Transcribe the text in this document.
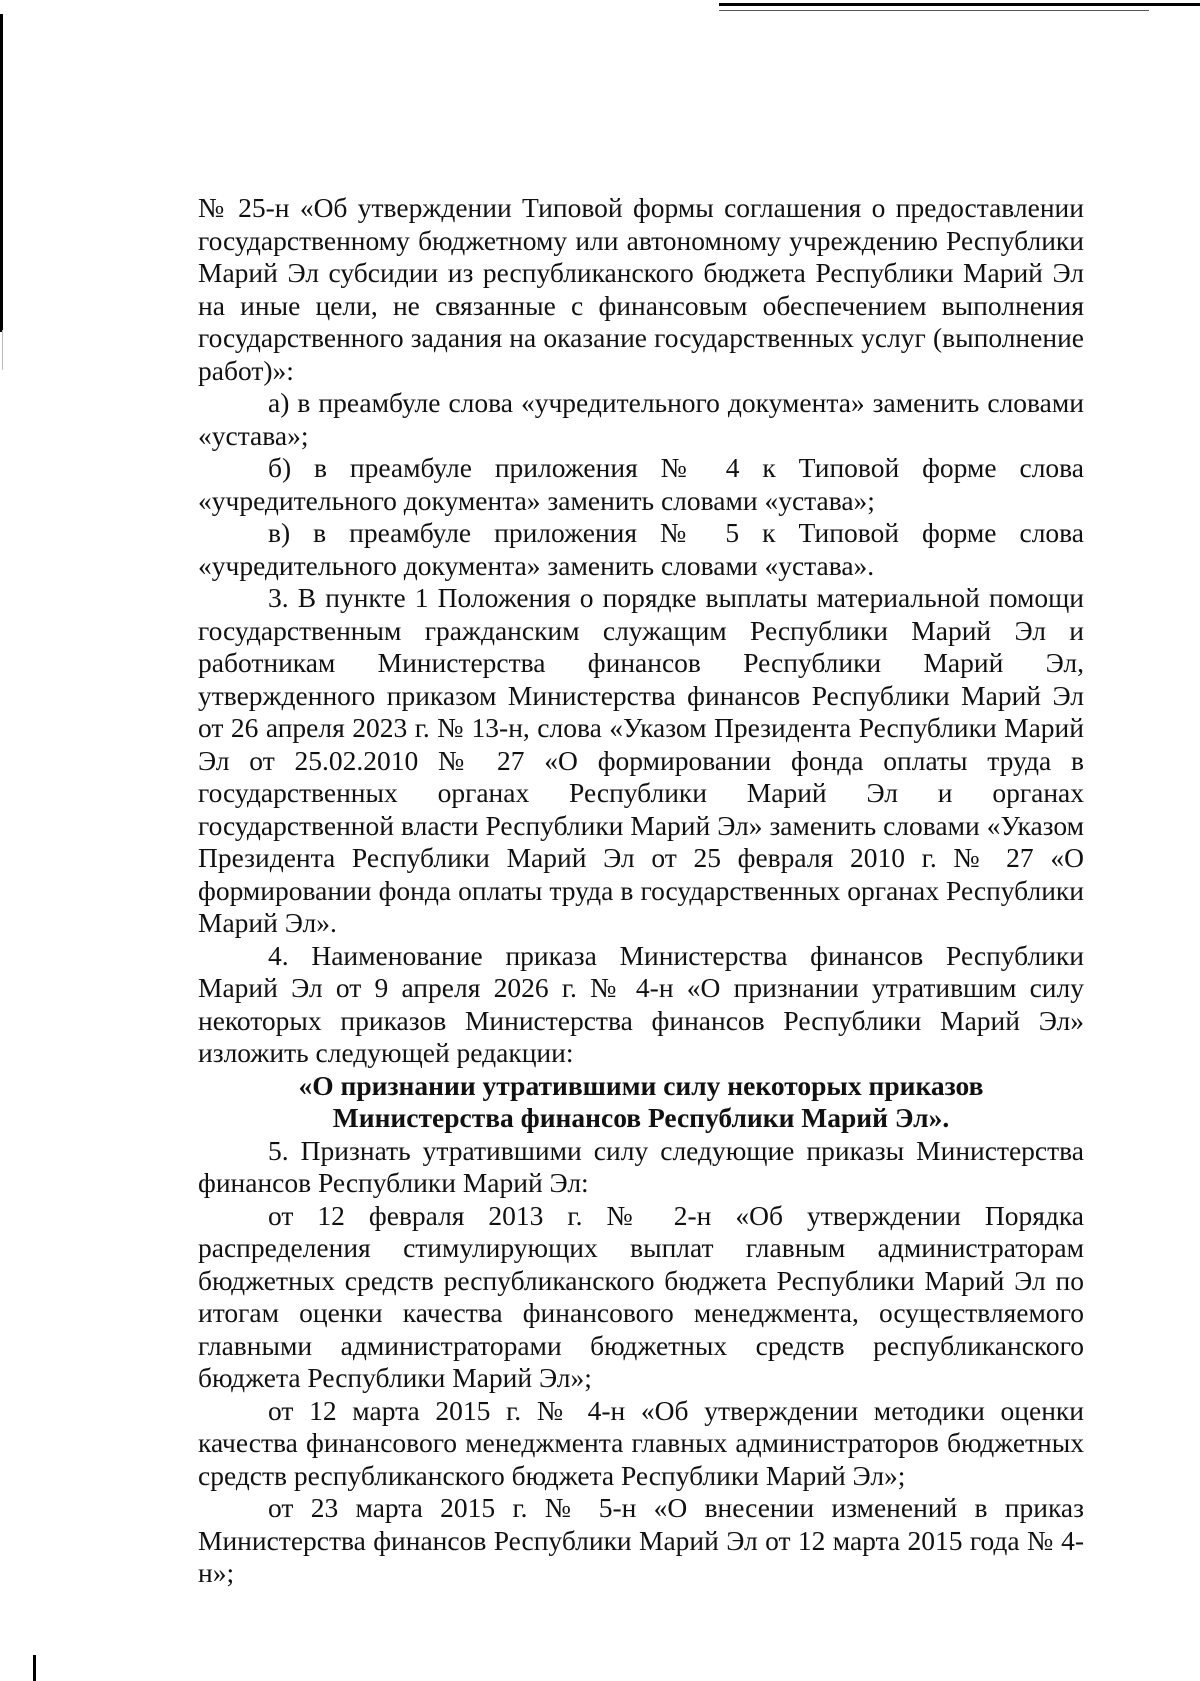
№ 25-н «Об утверждении Типовой формы соглашения о предоставлении государственному бюджетному или автономному учреждению Республики Марий Эл субсидии из республиканского бюджета Республики Марий Эл на иные цели, не связанные с финансовым обеспечением выполнения государственного задания на оказание государственных услуг (выполнение работ)»:

а) в преамбуле слова «учредительного документа» заменить словами «устава»;

б) в преамбуле приложения № 4 к Типовой форме слова «учредительного документа» заменить словами «устава»;

в) в преамбуле приложения № 5 к Типовой форме слова «учредительного документа» заменить словами «устава».

3. В пункте 1 Положения о порядке выплаты материальной помощи государственным гражданским служащим Республики Марий Эл и работникам Министерства финансов Республики Марий Эл, утвержденного приказом Министерства финансов Республики Марий Эл от 26 апреля 2023 г. № 13-н, слова «Указом Президента Республики Марий Эл от 25.02.2010 № 27 «О формировании фонда оплаты труда в государственных органах Республики Марий Эл и органах государственной власти Республики Марий Эл» заменить словами «Указом Президента Республики Марий Эл от 25 февраля 2010 г. № 27 «О формировании фонда оплаты труда в государственных органах Республики Марий Эл».

4. Наименование приказа Министерства финансов Республики Марий Эл от 9 апреля 2026 г. № 4-н «О признании утратившим силу некоторых приказов Министерства финансов Республики Марий Эл» изложить следующей редакции:

«О признании утратившими силу некоторых приказов

Министерства финансов Республики Марий Эл».

5. Признать утратившими силу следующие приказы Министерства финансов Республики Марий Эл:

от 12 февраля 2013 г. № 2-н «Об утверждении Порядка распределения стимулирующих выплат главным администраторам бюджетных средств республиканского бюджета Республики Марий Эл по итогам оценки качества финансового менеджмента, осуществляемого главными администраторами бюджетных средств республиканского бюджета Республики Марий Эл»;

от 12 марта 2015 г. № 4-н «Об утверждении методики оценки качества финансового менеджмента главных администраторов бюджетных средств республиканского бюджета Республики Марий Эл»;

от 23 марта 2015 г. № 5-н «О внесении изменений в приказ Министерства финансов Республики Марий Эл от 12 марта 2015 года № 4-н»;
